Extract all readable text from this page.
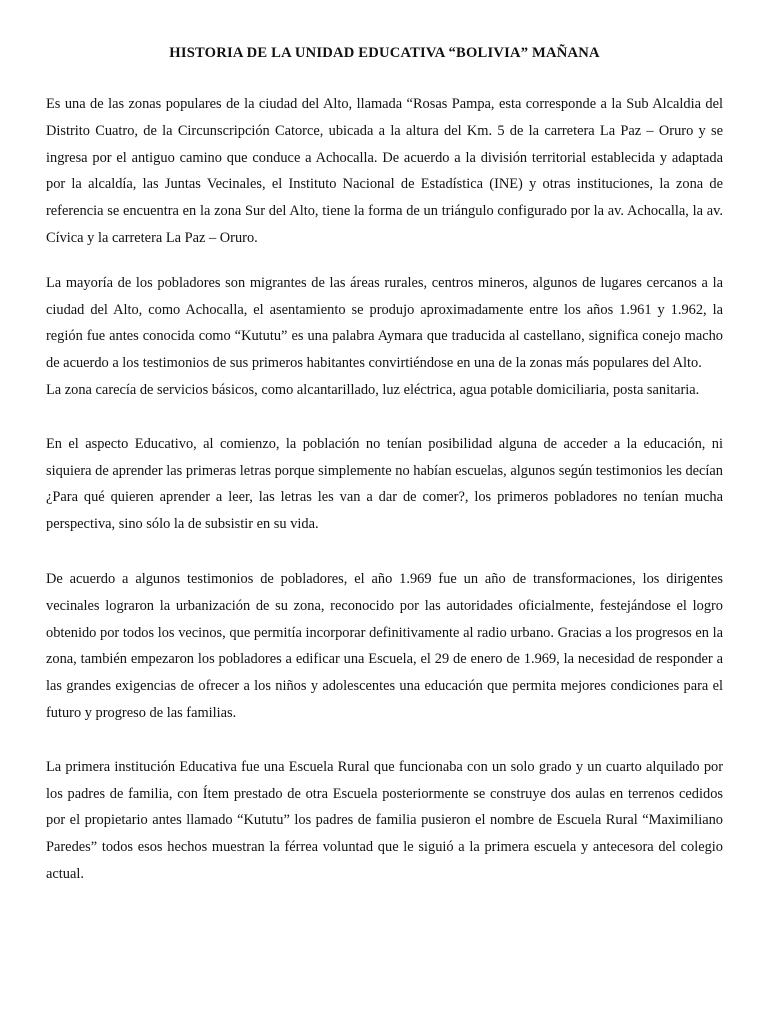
HISTORIA DE LA UNIDAD EDUCATIVA “BOLIVIA” MAÑANA

Es una de las zonas populares de la ciudad del Alto, llamada “Rosas Pampa, esta corresponde a la Sub Alcaldia del Distrito Cuatro, de la Circunscripción Catorce, ubicada a la altura del Km. 5 de la carretera La Paz – Oruro y se ingresa por el antiguo camino que conduce a Achocalla. De acuerdo a la división territorial establecida y adaptada por la alcaldía, las Juntas Vecinales, el Instituto Nacional de Estadística (INE) y otras instituciones, la zona de referencia se encuentra en la zona Sur del Alto, tiene la forma de un triángulo configurado por la av. Achocalla, la av. Cívica y la carretera La Paz – Oruro.

La mayoría de los pobladores son migrantes de las áreas rurales, centros mineros, algunos de lugares cercanos a la ciudad del Alto, como Achocalla, el asentamiento se produjo aproximadamente entre los años 1.961 y 1.962, la región fue antes conocida como “Kututu” es una palabra Aymara que traducida al castellano, significa conejo macho de acuerdo a los testimonios de sus primeros habitantes convirtiéndose en una de la zonas más populares del Alto.

La zona carecía de servicios básicos, como alcantarillado, luz eléctrica, agua potable domiciliaria, posta sanitaria.

En el aspecto Educativo, al comienzo, la población no tenían posibilidad alguna de acceder a la educación, ni siquiera de aprender las primeras letras porque simplemente no habían escuelas, algunos según testimonios les decían ¿Para qué quieren aprender a leer, las letras les van a dar de comer?, los primeros pobladores no tenían mucha perspectiva, sino sólo la de subsistir en su vida.

De acuerdo a algunos testimonios de pobladores, el año 1.969 fue un año de transformaciones, los dirigentes vecinales lograron la urbanización de su zona, reconocido por las autoridades oficialmente, festejándose el logro obtenido por todos los vecinos, que permitía incorporar definitivamente al radio urbano. Gracias a los progresos en la zona, también empezaron los pobladores a edificar una Escuela, el 29 de enero de 1.969, la necesidad de responder a las grandes exigencias de ofrecer a los niños y adolescentes una educación que permita mejores condiciones para el futuro y progreso de las familias.

La primera institución Educativa fue una Escuela Rural que funcionaba con un solo grado y un cuarto alquilado por los padres de familia, con Ítem prestado de otra Escuela posteriormente se construye dos aulas en terrenos cedidos por el propietario antes llamado “Kututu” los padres de familia pusieron el nombre de Escuela Rural “Maximiliano Paredes” todos esos hechos muestran la férrea voluntad que le siguió a la primera escuela y antecesora del colegio actual.
